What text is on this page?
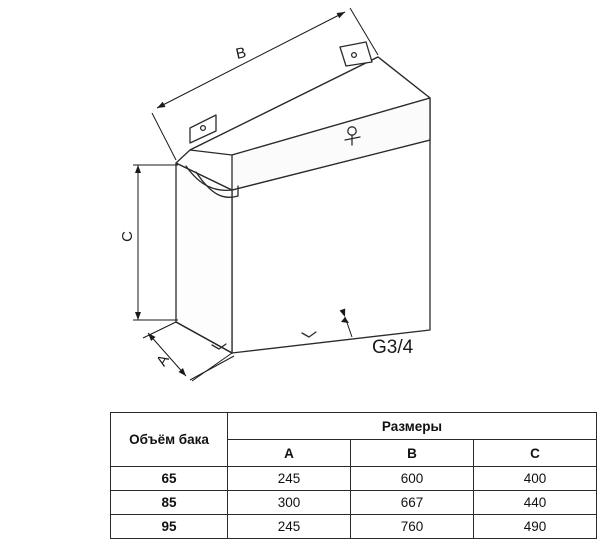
A
B
C
G3/4
Объём бака	Размеры		
	A	B	C
65	245	600	400
85	300	667	440
95	245	760	490
